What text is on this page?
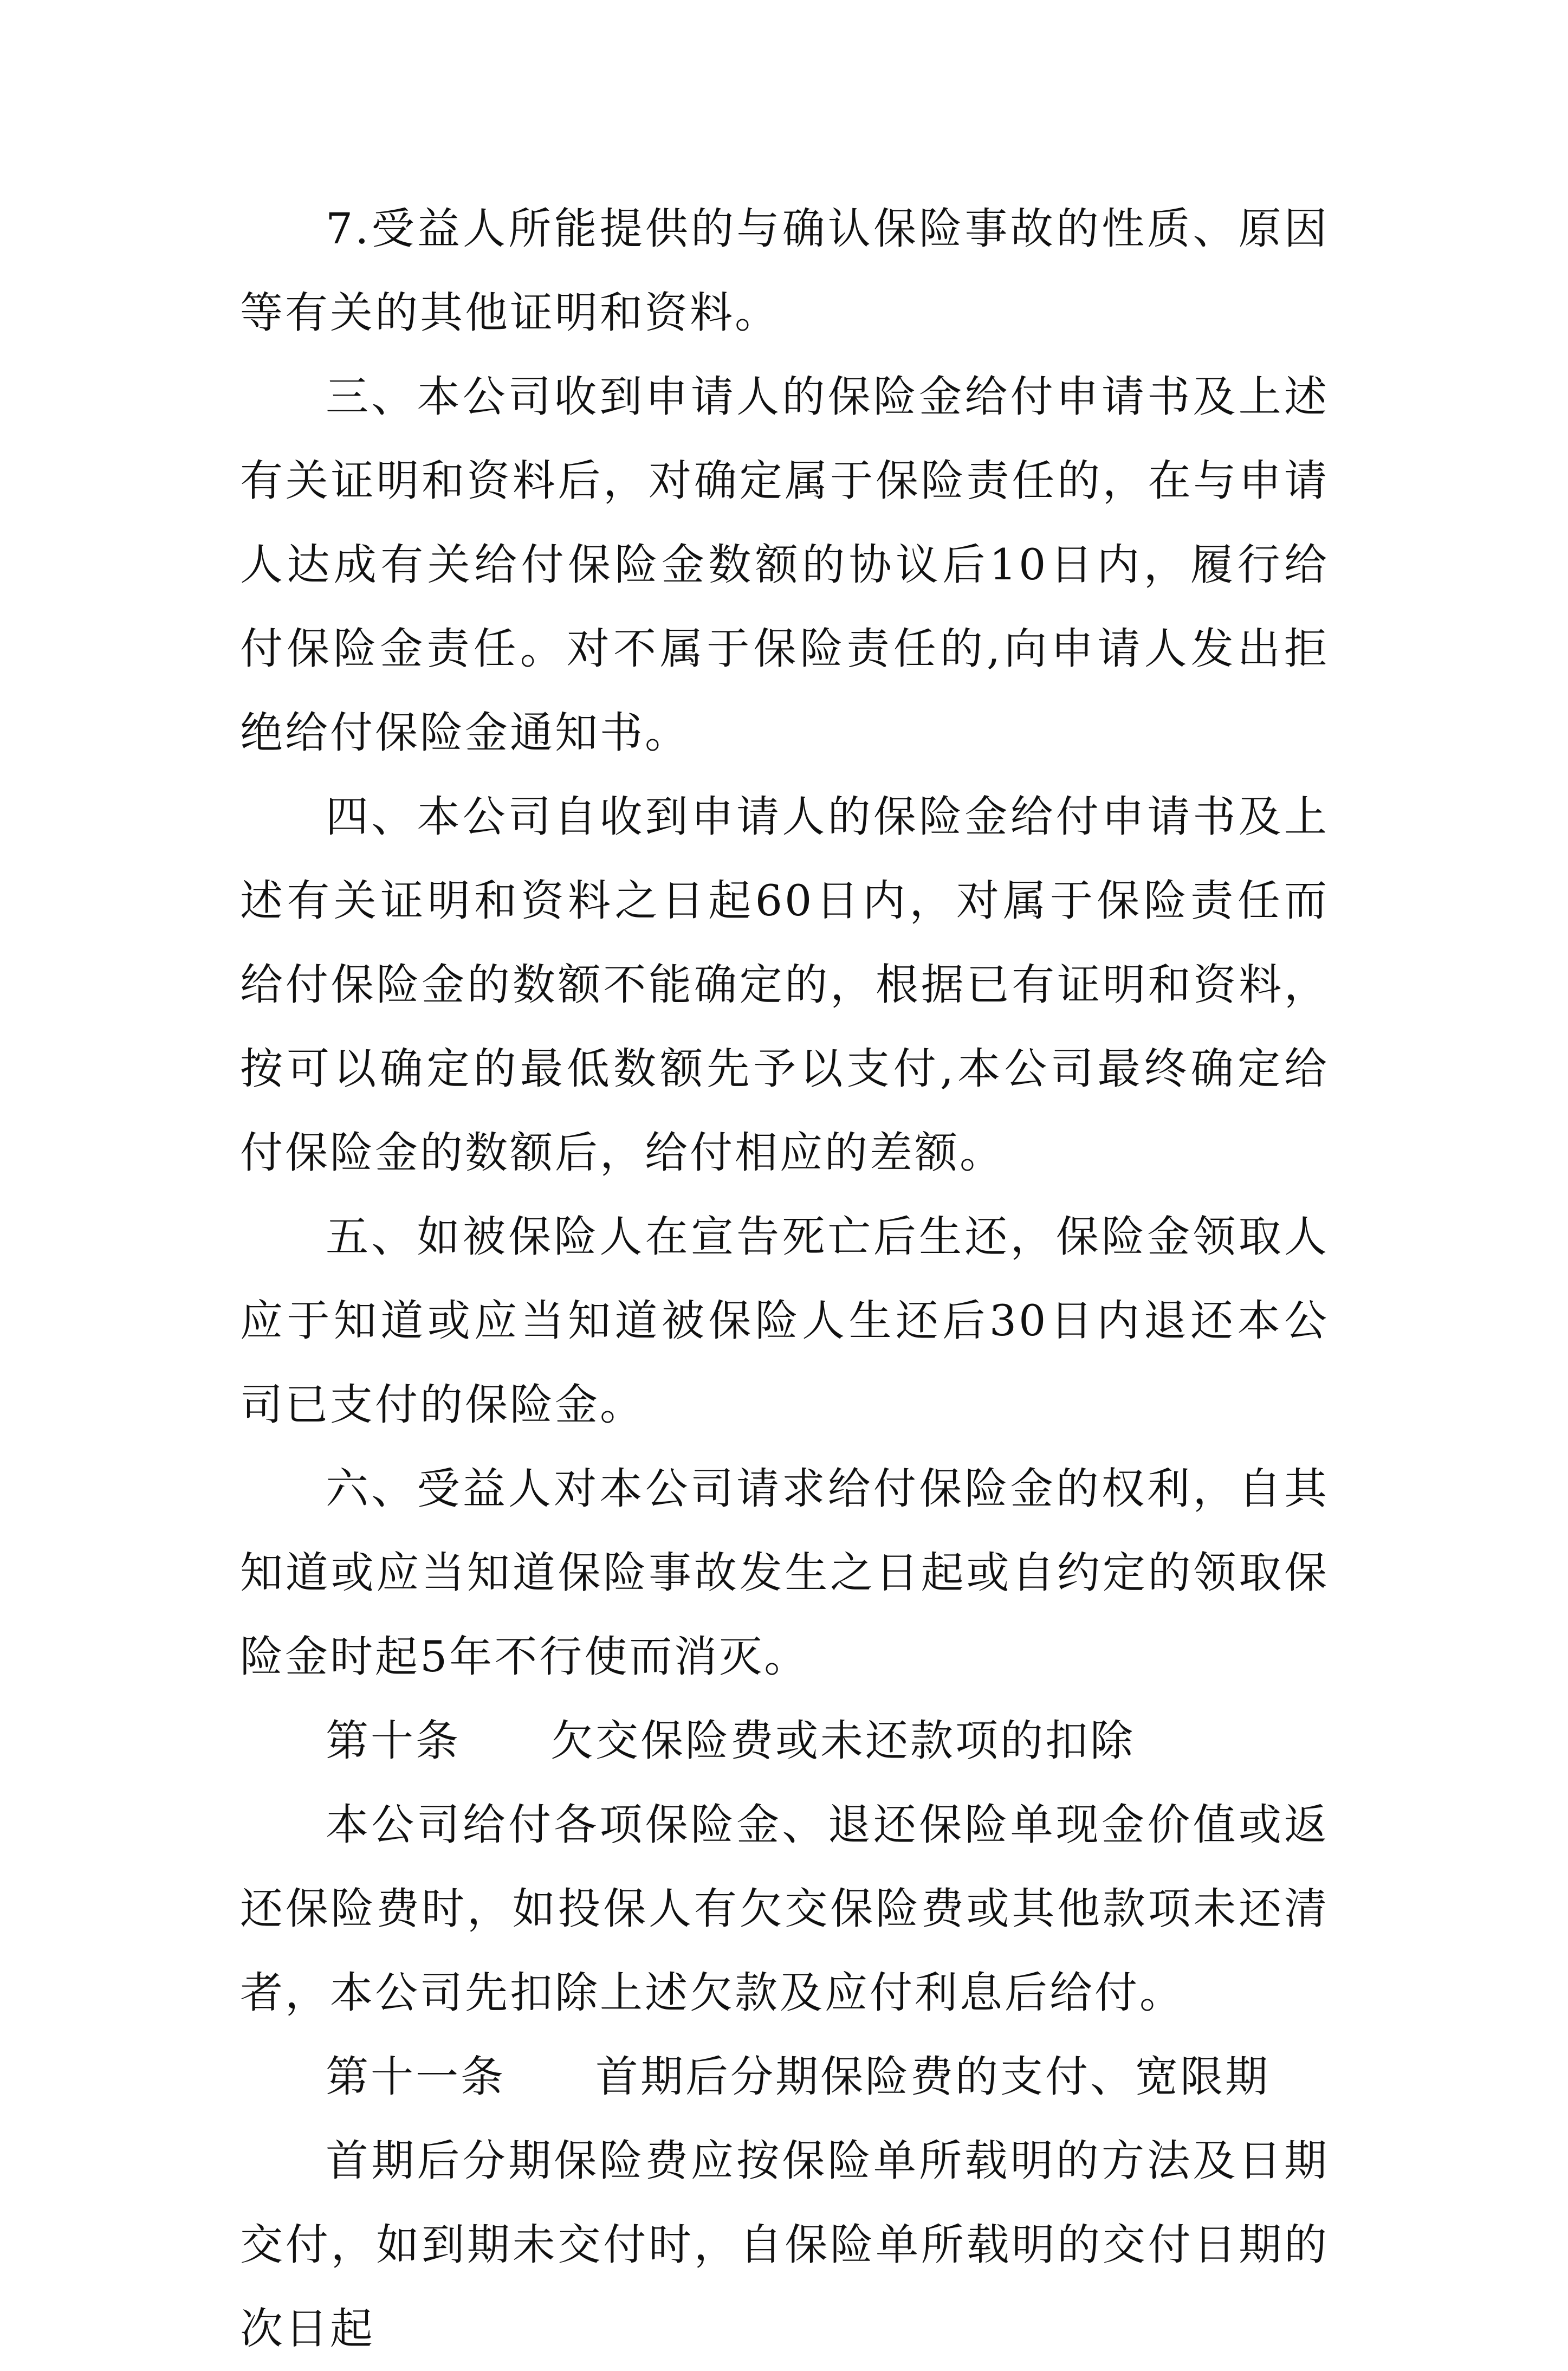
7.受益人所能提供的与确认保险事故的性质、原因等有关的其他证明和资料。

三、本公司收到申请人的保险金给付申请书及上述有关证明和资料后，对确定属于保险责任的，在与申请人达成有关给付保险金数额的协议后10日内，履行给付保险金责任。对不属于保险责任的,向申请人发出拒绝给付保险金通知书。

四、本公司自收到申请人的保险金给付申请书及上述有关证明和资料之日起60日内，对属于保险责任而给付保险金的数额不能确定的，根据已有证明和资料，按可以确定的最低数额先予以支付,本公司最终确定给付保险金的数额后，给付相应的差额。

五、如被保险人在宣告死亡后生还，保险金领取人应于知道或应当知道被保险人生还后30日内退还本公司已支付的保险金。

六、受益人对本公司请求给付保险金的权利，自其知道或应当知道保险事故发生之日起或自约定的领取保险金时起5年不行使而消灭。

第十条　　欠交保险费或未还款项的扣除

本公司给付各项保险金、退还保险单现金价值或返还保险费时，如投保人有欠交保险费或其他款项未还清者，本公司先扣除上述欠款及应付利息后给付。

第十一条　　首期后分期保险费的支付、宽限期

首期后分期保险费应按保险单所载明的方法及日期交付，如到期未交付时，自保险单所载明的交付日期的次日起
